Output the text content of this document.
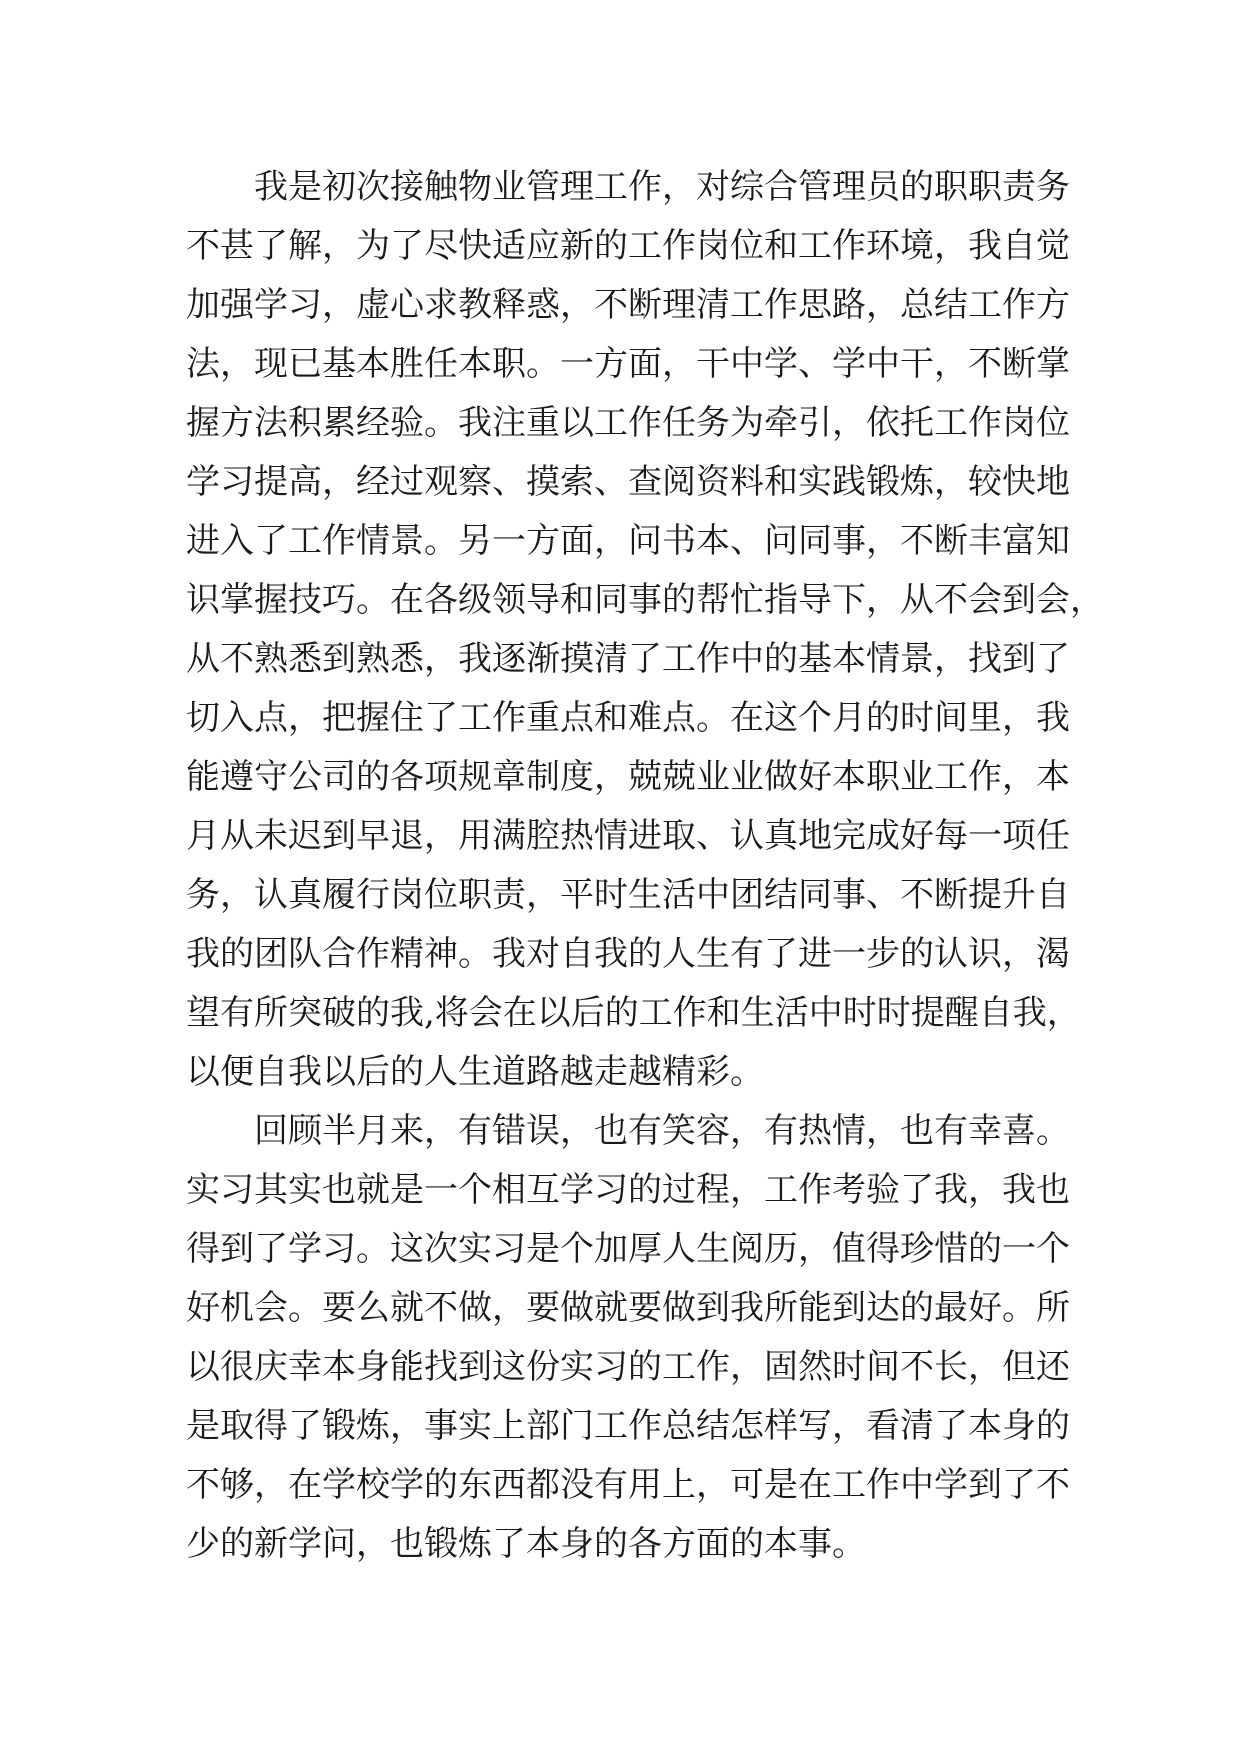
我是初次接触物业管理工作，对综合管理员的职职责务
不甚了解，为了尽快适应新的工作岗位和工作环境，我自觉
加强学习，虚心求教释惑，不断理清工作思路，总结工作方
法，现已基本胜任本职。一方面，干中学、学中干，不断掌
握方法积累经验。我注重以工作任务为牵引，依托工作岗位
学习提高，经过观察、摸索、查阅资料和实践锻炼，较快地
进入了工作情景。另一方面，问书本、问同事，不断丰富知
识掌握技巧。在各级领导和同事的帮忙指导下，从不会到会，
从不熟悉到熟悉，我逐渐摸清了工作中的基本情景，找到了
切入点，把握住了工作重点和难点。在这个月的时间里，我
能遵守公司的各项规章制度，兢兢业业做好本职业工作，本
月从未迟到早退，用满腔热情进取、认真地完成好每一项任
务，认真履行岗位职责，平时生活中团结同事、不断提升自
我的团队合作精神。我对自我的人生有了进一步的认识，渴
望有所突破的我,将会在以后的工作和生活中时时提醒自我，
以便自我以后的人生道路越走越精彩。
回顾半月来，有错误，也有笑容，有热情，也有幸喜。
实习其实也就是一个相互学习的过程，工作考验了我，我也
得到了学习。这次实习是个加厚人生阅历，值得珍惜的一个
好机会。要么就不做，要做就要做到我所能到达的最好。所
以很庆幸本身能找到这份实习的工作，固然时间不长，但还
是取得了锻炼，事实上部门工作总结怎样写，看清了本身的
不够，在学校学的东西都没有用上，可是在工作中学到了不
少的新学问，也锻炼了本身的各方面的本事。
